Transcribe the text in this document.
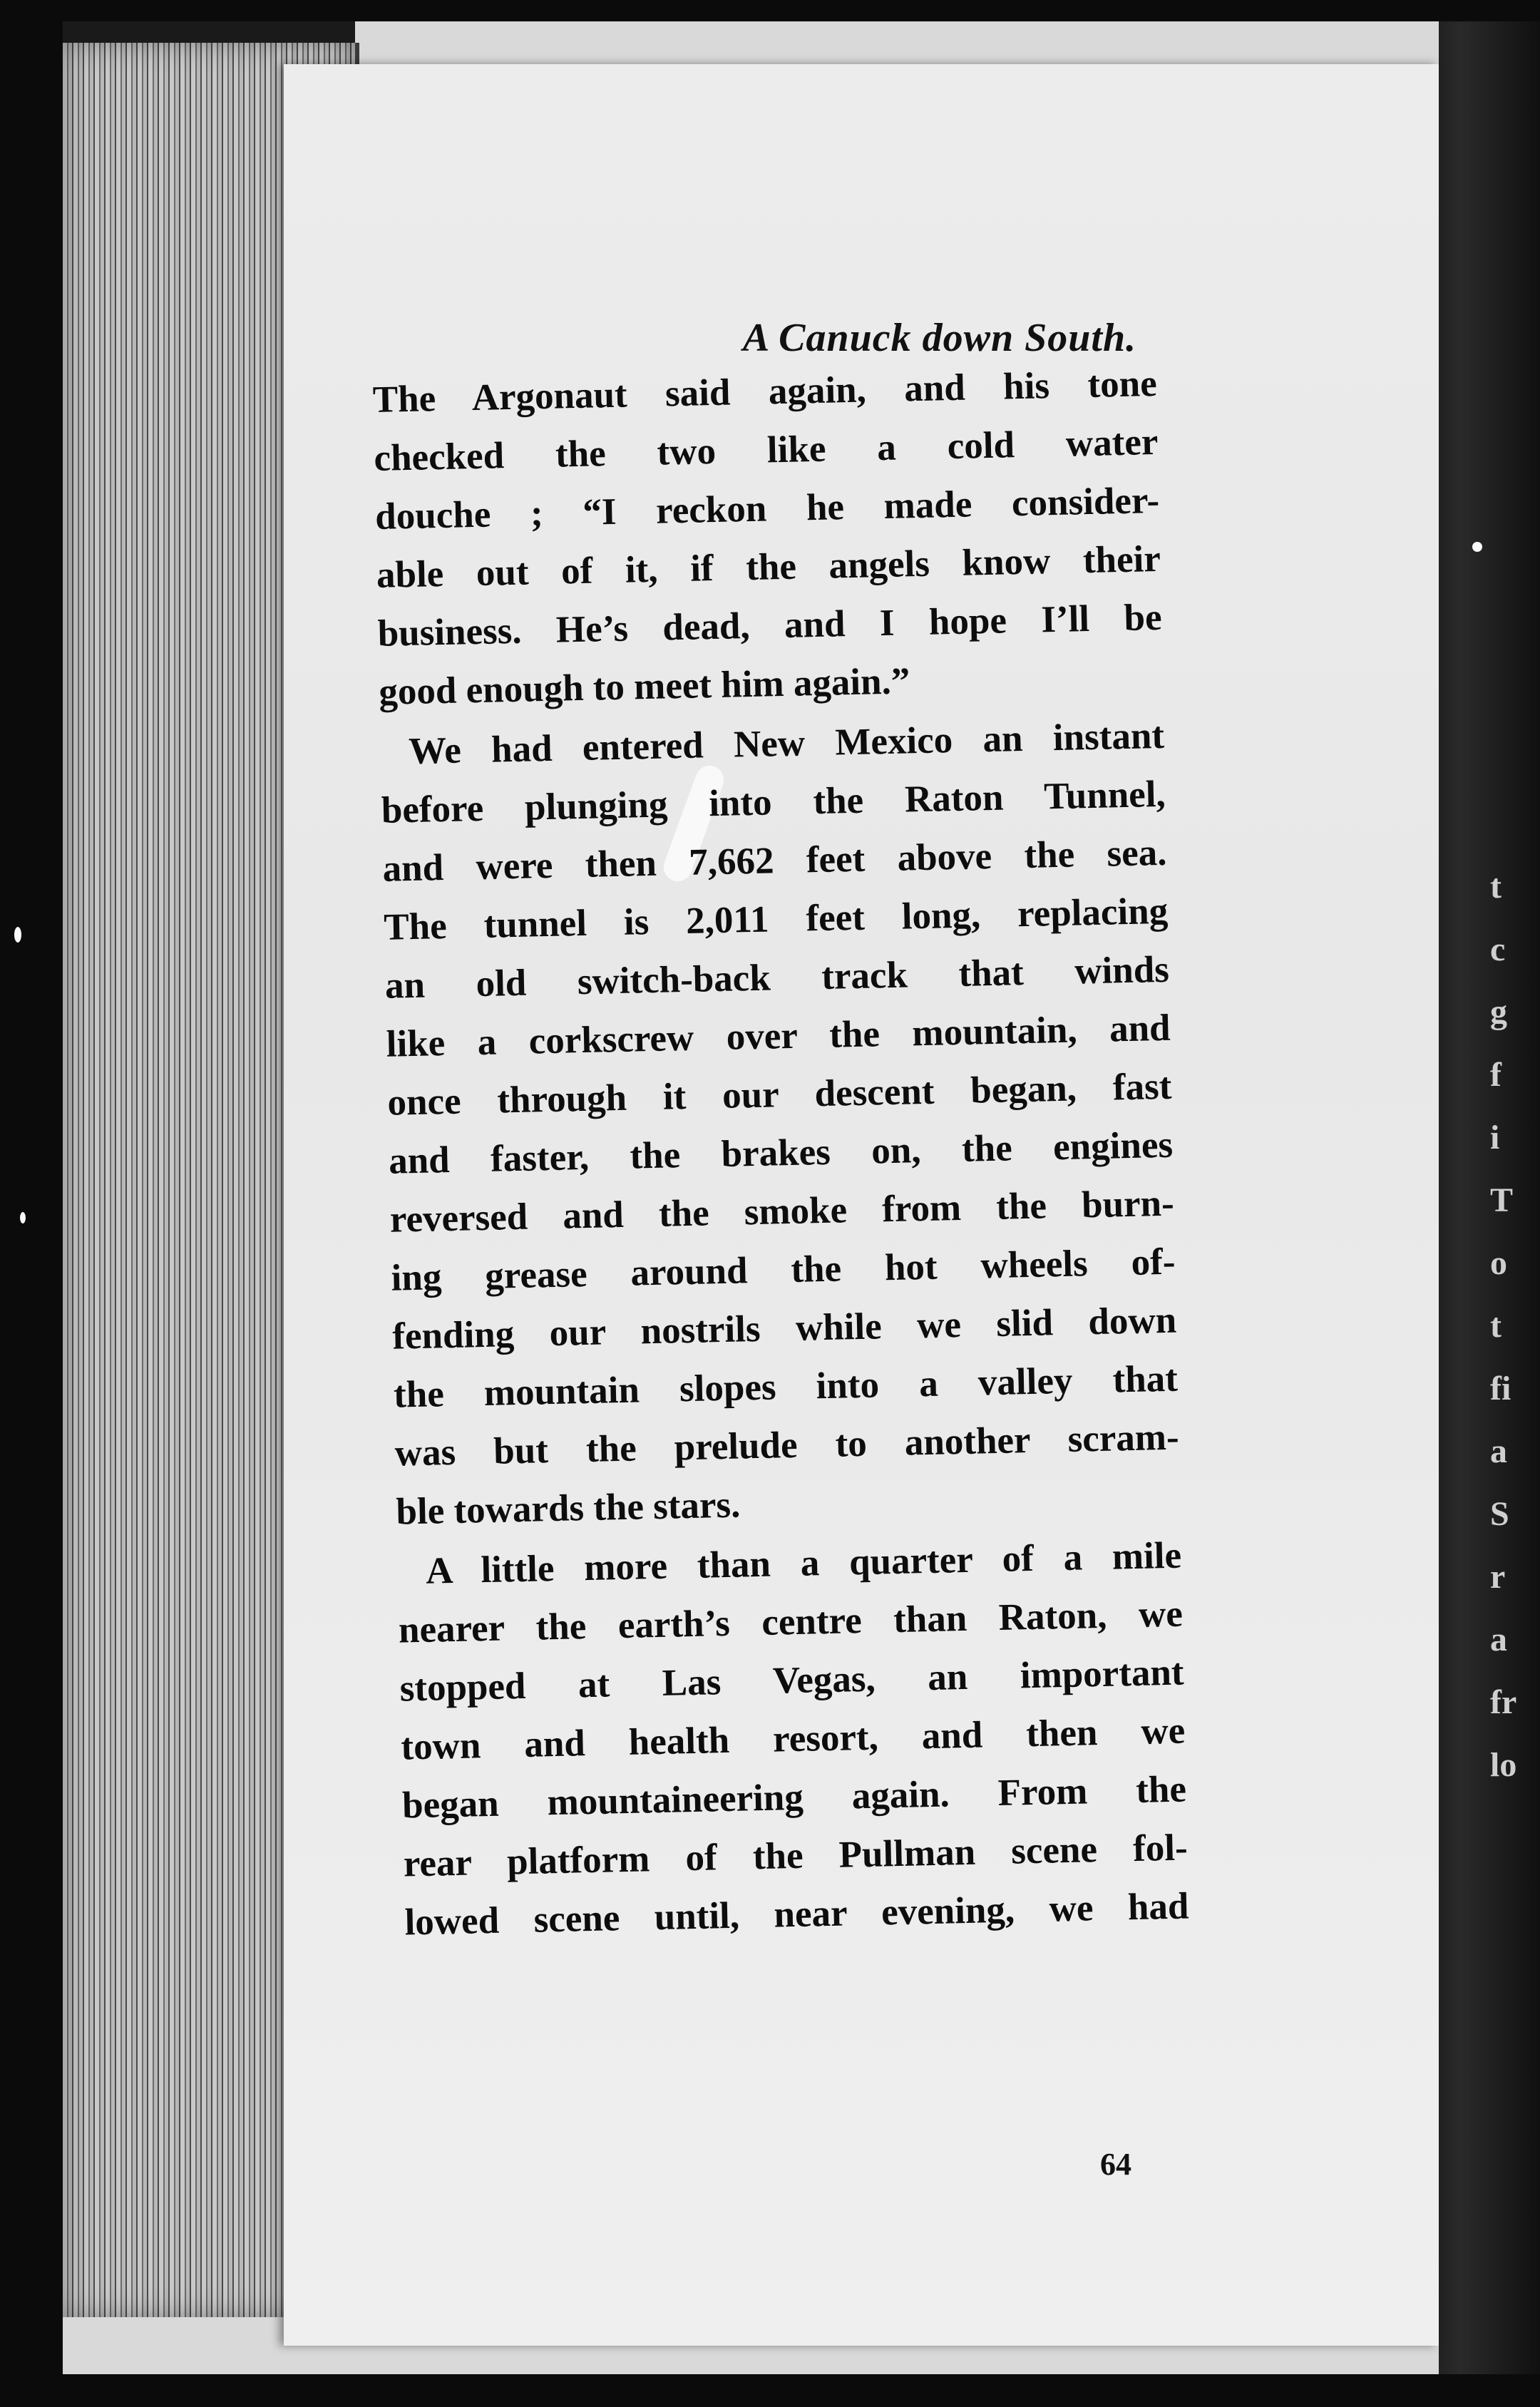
t
c
g
f
i
T
o
t
fi
a
S
r
a
fr
lo
A Canuck down South.
64

The Argonaut said again, and his tone
checked the two like a cold water
douche ; “I reckon he made consider-
able out of it, if the angels know their
business. He’s dead, and I hope I’ll be
good enough to meet him again.”

We had entered New Mexico an instant
before plunging into the Raton Tunnel,
and were then 7,662 feet above the sea.
The tunnel is 2,011 feet long, replacing
an old switch-back track that winds
like a corkscrew over the mountain, and
once through it our descent began, fast
and faster, the brakes on, the engines
reversed and the smoke from the burn-
ing grease around the hot wheels of-
fending our nostrils while we slid down
the mountain slopes into a valley that
was but the prelude to another scram-
ble towards the stars.

A little more than a quarter of a mile
nearer the earth’s centre than Raton, we
stopped at Las Vegas, an important
town and health resort, and then we
began mountaineering again. From the
rear platform of the Pullman scene fol-
lowed scene until, near evening, we had
